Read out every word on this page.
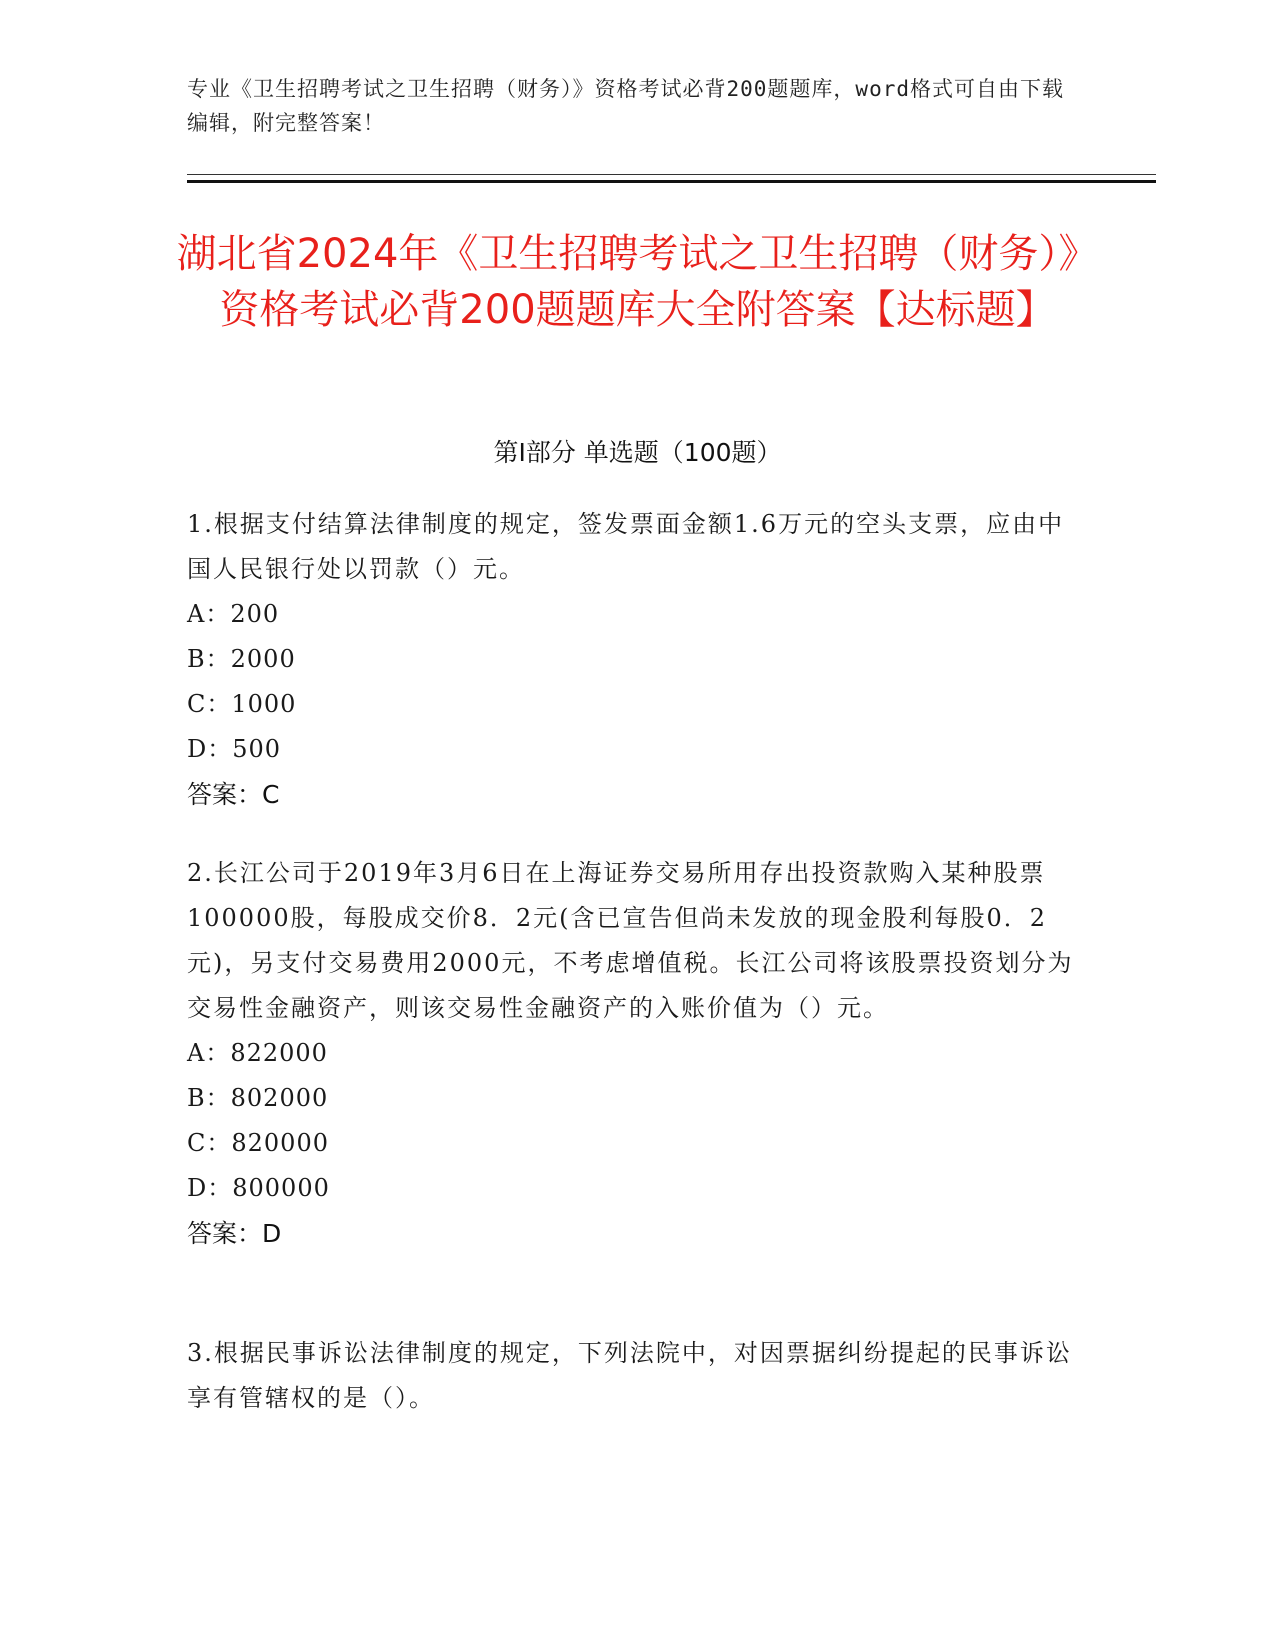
专业《卫生招聘考试之卫生招聘（财务）》资格考试必背200题题库，word格式可自由下载编辑，附完整答案！
湖北省2024年《卫生招聘考试之卫生招聘（财务）》资格考试必背200题题库大全附答案【达标题】
第Ⅰ部分 单选题（100题）
1.根据支付结算法律制度的规定，签发票面金额1.6万元的空头支票，应由中国人民银行处以罚款（）元。
A：200
B：2000
C：1000
D：500
答案：C
2.长江公司于2019年3月6日在上海证券交易所用存出投资款购入某种股票100000股，每股成交价8．2元(含已宣告但尚未发放的现金股利每股0．2元)，另支付交易费用2000元，不考虑增值税。长江公司将该股票投资划分为交易性金融资产，则该交易性金融资产的入账价值为（）元。
A：822000
B：802000
C：820000
D：800000
答案：D
3.根据民事诉讼法律制度的规定，下列法院中，对因票据纠纷提起的民事诉讼享有管辖权的是（）。
